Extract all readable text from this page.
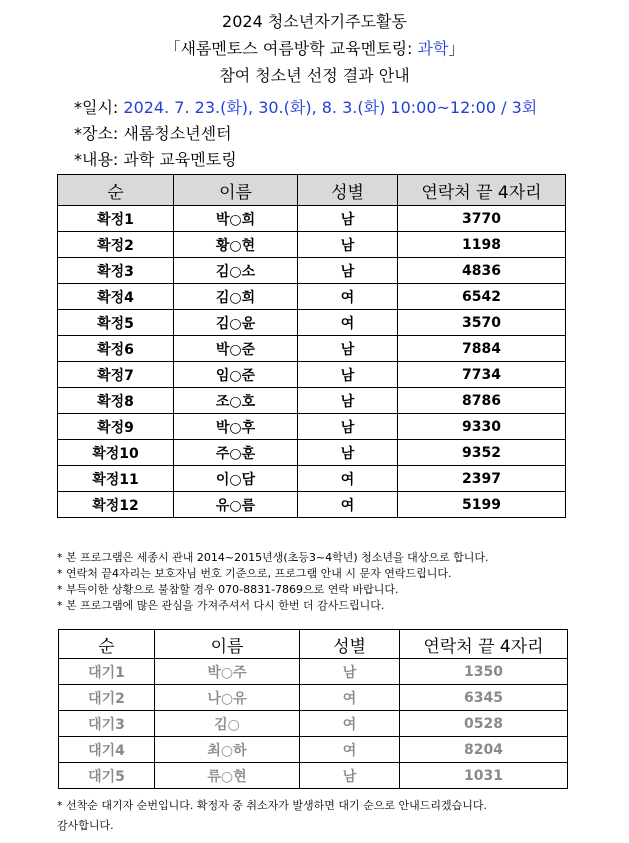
2024 청소년자기주도활동
「새롬멘토스 여름방학 교육멘토링: 과학」
참여 청소년 선정 결과 안내
*일시: 2024. 7. 23.(화), 30.(화), 8. 3.(화) 10:00~12:00 / 3회
*장소: 새롬청소년센터
*내용: 과학 교육멘토링
순	이름	성별	연락처 끝 4자리
확정1	박○희	남	3770
확정2	황○현	남	1198
확정3	김○소	남	4836
확정4	김○희	여	6542
확정5	김○윤	여	3570
확정6	박○준	남	7884
확정7	임○준	남	7734
확정8	조○호	남	8786
확정9	박○후	남	9330
확정10	주○훈	남	9352
확정11	이○담	여	2397
확정12	유○름	여	5199
* 본 프로그램은 세종시 관내 2014~2015년생(초등3~4학년) 청소년을 대상으로 합니다.
* 연락처 끝4자리는 보호자님 번호 기준으로, 프로그램 안내 시 문자 연락드립니다.
* 부득이한 상황으로 불참할 경우 070-8831-7869으로 연락 바랍니다.
* 본 프로그램에 많은 관심을 가져주셔서 다시 한번 더 감사드립니다.
순	이름	성별	연락처 끝 4자리
대기1	박○주	남	1350
대기2	나○유	여	6345
대기3	김○	여	0528
대기4	최○하	여	8204
대기5	류○현	남	1031
* 선착순 대기자 순번입니다. 확정자 중 취소자가 발생하면 대기 순으로 안내드리겠습니다.
감사합니다.
